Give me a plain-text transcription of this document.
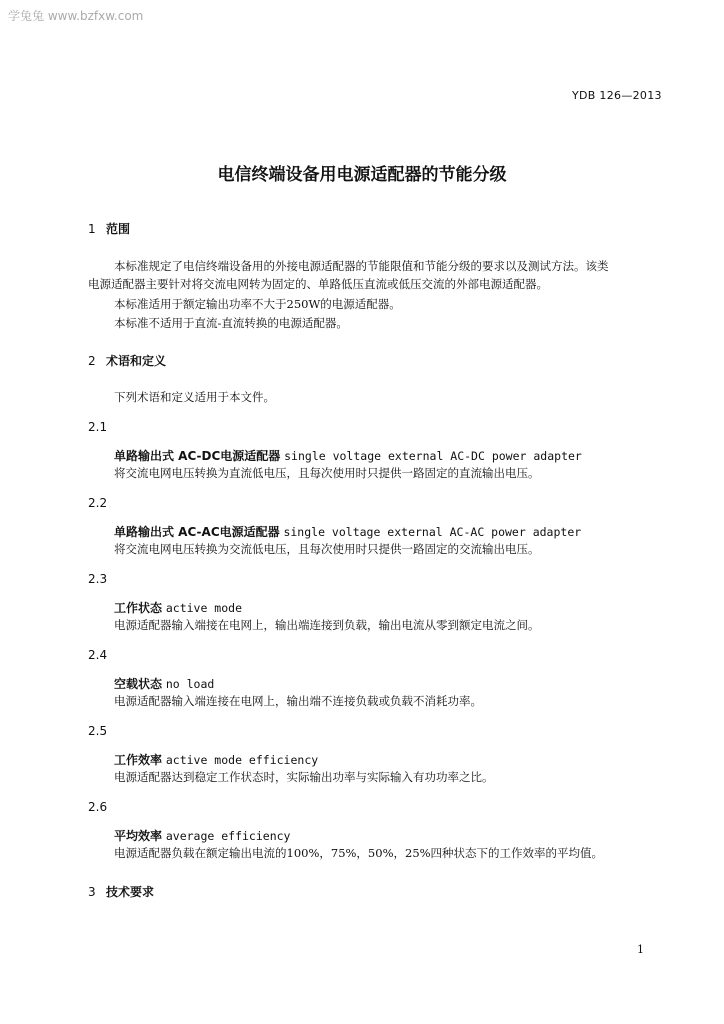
学兔兔 www.bzfxw.com
YDB 126—2013
电信终端设备用电源适配器的节能分级
1 范围
本标准规定了电信终端设备用的外接电源适配器的节能限值和节能分级的要求以及测试方法。该类
电源适配器主要针对将交流电网转为固定的、单路低压直流或低压交流的外部电源适配器。
本标准适用于额定输出功率不大于250W的电源适配器。
本标准不适用于直流-直流转换的电源适配器。
2 术语和定义
下列术语和定义适用于本文件。
2.1
单路输出式 AC-DC电源适配器 single voltage external AC-DC power adapter
将交流电网电压转换为直流低电压，且每次使用时只提供一路固定的直流输出电压。
2.2
单路输出式 AC-AC电源适配器 single voltage external AC-AC power adapter
将交流电网电压转换为交流低电压，且每次使用时只提供一路固定的交流输出电压。
2.3
工作状态 active mode
电源适配器输入端接在电网上，输出端连接到负载，输出电流从零到额定电流之间。
2.4
空载状态 no load
电源适配器输入端连接在电网上，输出端不连接负载或负载不消耗功率。
2.5
工作效率 active mode efficiency
电源适配器达到稳定工作状态时，实际输出功率与实际输入有功功率之比。
2.6
平均效率 average efficiency
电源适配器负载在额定输出电流的100%，75%，50%，25%四种状态下的工作效率的平均值。
3 技术要求
1
